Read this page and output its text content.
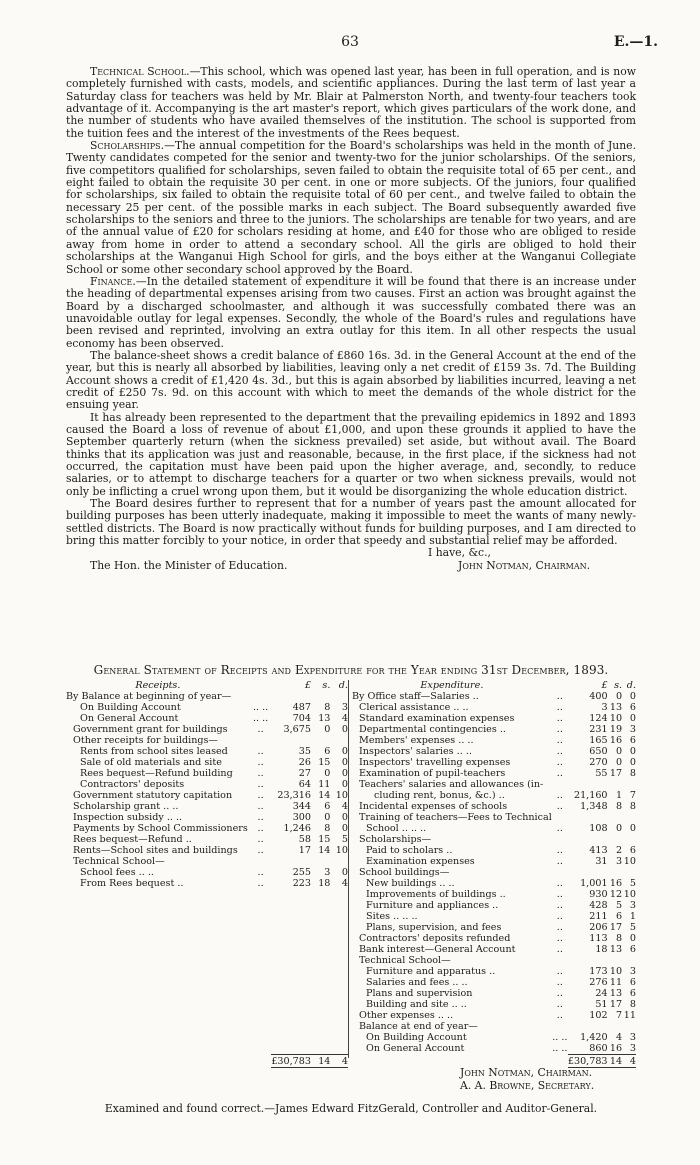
63	E.—1.

Technical School.—This school, which was opened last year, has been in full operation, and is now completely furnished with casts, models, and scientific appliances. During the last term of last year a Saturday class for teachers was held by Mr. Blair at Palmerston North, and twenty-four teachers took advantage of it. Accompanying is the art master's report, which gives particulars of the work done, and the number of students who have availed themselves of the institution. The school is supported from the tuition fees and the interest of the investments of the Rees bequest.

Scholarships.—The annual competition for the Board's scholarships was held in the month of June. Twenty candidates competed for the senior and twenty-two for the junior scholarships. Of the seniors, five competitors qualified for scholarships, seven failed to obtain the requisite total of 65 per cent., and eight failed to obtain the requisite 30 per cent. in one or more subjects. Of the juniors, four qualified for scholarships, six failed to obtain the requisite total of 60 per cent., and twelve failed to obtain the necessary 25 per cent. of the possible marks in each subject. The Board subsequently awarded five scholarships to the seniors and three to the juniors. The scholarships are tenable for two years, and are of the annual value of £20 for scholars residing at home, and £40 for those who are obliged to reside away from home in order to attend a secondary school. All the girls are obliged to hold their scholarships at the Wanganui High School for girls, and the boys either at the Wanganui Collegiate School or some other secondary school approved by the Board.

Finance.—In the detailed statement of expenditure it will be found that there is an increase under the heading of departmental expenses arising from two causes. First an action was brought against the Board by a discharged schoolmaster, and although it was successfully combated there was an unavoidable outlay for legal expenses. Secondly, the whole of the Board's rules and regulations have been revised and reprinted, involving an extra outlay for this item. In all other respects the usual economy has been observed.

The balance-sheet shows a credit balance of £860 16s. 3d. in the General Account at the end of the year, but this is nearly all absorbed by liabilities, leaving only a net credit of £159 3s. 7d. The Building Account shows a credit of £1,420 4s. 3d., but this is again absorbed by liabilities incurred, leaving a net credit of £250 7s. 9d. on this account with which to meet the demands of the whole district for the ensuing year.

It has already been represented to the department that the prevailing epidemics in 1892 and 1893 caused the Board a loss of revenue of about £1,000, and upon these grounds it applied to have the September quarterly return (when the sickness prevailed) set aside, but without avail. The Board thinks that its application was just and reasonable, because, in the first place, if the sickness had not occurred, the capitation must have been paid upon the higher average, and, secondly, to reduce salaries, or to attempt to discharge teachers for a quarter or two when sickness prevails, would not only be inflicting a cruel wrong upon them, but it would be disorganizing the whole education district.

The Board desires further to represent that for a number of years past the amount allocated for building purposes has been utterly inadequate, making it impossible to meet the wants of many newly-settled districts. The Board is now practically without funds for building purposes, and I am directed to bring this matter forcibly to your notice, in order that speedy and substantial relief may be afforded.

I have, &c.,
The Hon. the Minister of Education.	John Notman, Chairman.
General Statement of Receipts and Expenditure for the Year ending 31st December, 1893.
Receipts.		£	s.	d.
By Balance at beginning of year—				
On Building Account	.. ..	487	8	3
On General Account	.. ..	704	13	4
Government grant for buildings	..	3,675	0	0
Other receipts for buildings—				
Rents from school sites leased	..	35	6	0
Sale of old materials and site	..	26	15	0
Rees bequest—Refund building	..	27	0	0
Contractors' deposits	..	64	11	0
Government statutory capitation	..	23,316	14	10
Scholarship grant .. ..	..	344	6	4
Inspection subsidy .. ..	..	300	0	0
Payments by School Commissioners	..	1,246	8	0
Rees bequest—Refund ..	..	58	15	5
Rents—School sites and buildings	..	17	14	10
Technical School—				
School fees .. ..	..	255	3	0
From Rees bequest ..	..	223	18	4

		£30,783	14	4
Expenditure.		£	s.	d.
By Office staff—Salaries ..	..	400	0	0
Clerical assistance .. ..	..	3	13	6
Standard examination expenses	..	124	10	0
Departmental contingencies ..	..	231	19	3
Members' expenses .. ..	..	165	16	6
Inspectors' salaries .. ..	..	650	0	0
Inspectors' travelling expenses	..	270	0	0
Examination of pupil-teachers	..	55	17	8
Teachers' salaries and allowances (in-				
cluding rent, bonus, &c.) ..	..	21,160	1	7
Incidental expenses of schools	..	1,348	8	8
Training of teachers—Fees to Technical				
School .. .. ..	..	108	0	0
Scholarships—				
Paid to scholars ..	..	413	2	6
Examination expenses	..	31	3	10
School buildings—				
New buildings .. ..	..	1,001	16	5
Improvements of buildings ..	..	930	12	10
Furniture and appliances ..	..	428	5	3
Sites .. .. ..	..	211	6	1
Plans, supervision, and fees	..	206	17	5
Contractors' deposits refunded	..	113	8	0
Bank interest—General Account	..	18	13	6
Technical School—				
Furniture and apparatus ..	..	173	10	3
Salaries and fees .. ..	..	276	11	6
Plans and supervision	..	24	13	6
Building and site .. ..	..	51	17	8
Other expenses .. ..	..	102	7	11
Balance at end of year—				
On Building Account	.. ..	1,420	4	3
On General Account	.. ..	860	16	3
		£30,783	14	4
John Notman, Chairman.
A. A. Browne, Secretary.
Examined and found correct.—James Edward FitzGerald, Controller and Auditor-General.
